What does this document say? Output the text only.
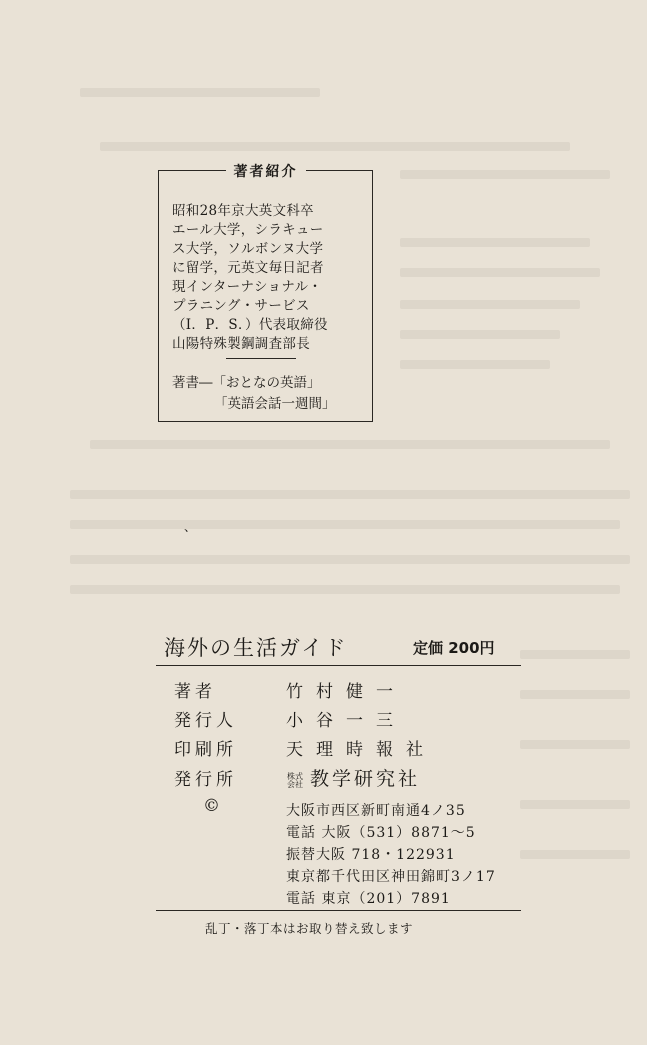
著者紹介
昭和28年京大英文科卒
エール大学，シラキュー
ス大学，ソルボンヌ大学
に留学，元英文毎日記者
現インターナショナル・
プラニング・サービス
（I．P．S．）代表取締役
山陽特殊製鋼調査部長
著書―「おとなの英語」
「英語会話一週間」
、
海外の生活ガイド	定価 200円
著者	竹村健一
発行人	小谷一三
印刷所	天理時報社
発行所	株式会社 教学研究社
©	大阪市西区新町南通4ノ35
電話 大阪（531）8871〜5
振替大阪 718・122931
東京都千代田区神田錦町3ノ17
電話 東京（201）7891
乱丁・落丁本はお取り替え致します
